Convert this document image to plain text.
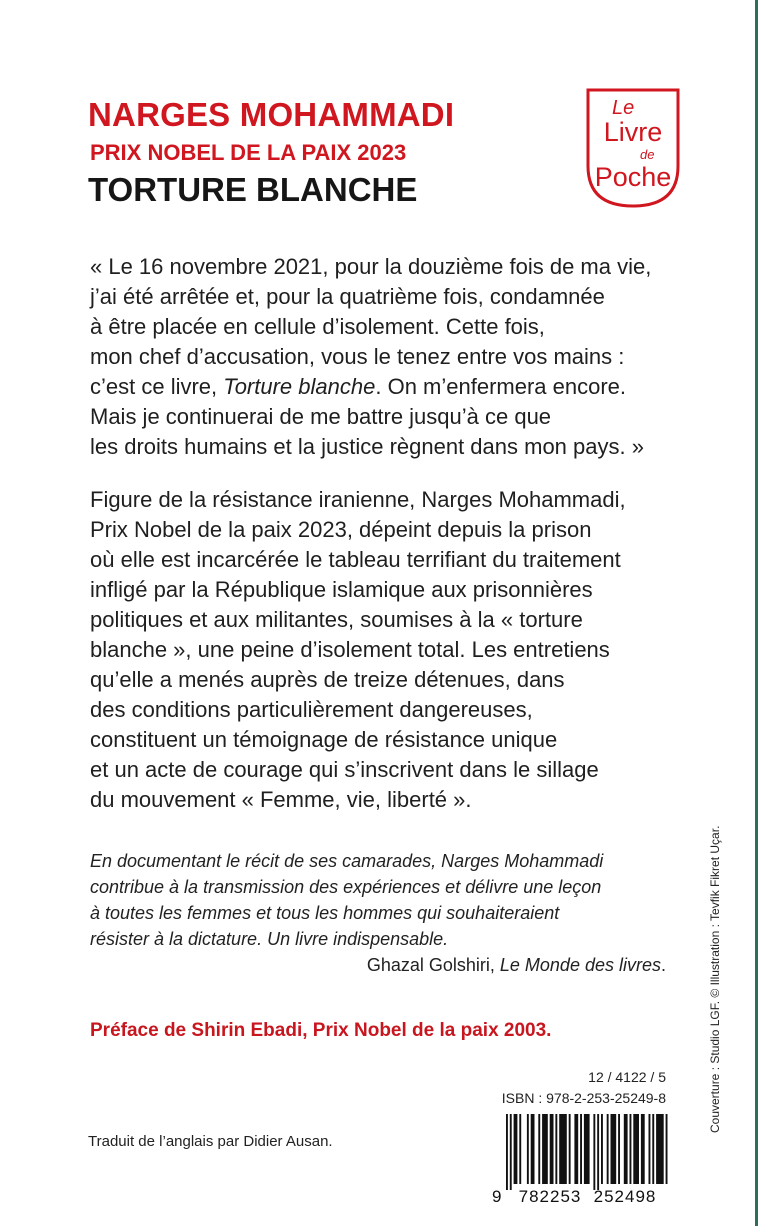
NARGES MOHAMMADI
PRIX NOBEL DE LA PAIX 2023
TORTURE BLANCHE
Le
Livre
de
Poche
« Le 16 novembre 2021, pour la douzième fois de ma vie,
j’ai été arrêtée et, pour la quatrième fois, condamnée
à être placée en cellule d’isolement. Cette fois,
mon chef d’accusation, vous le tenez entre vos mains :
c’est ce livre, Torture blanche. On m’enfermera encore.
Mais je continuerai de me battre jusqu’à ce que
les droits humains et la justice règnent dans mon pays. »
Figure de la résistance iranienne, Narges Mohammadi,
Prix Nobel de la paix 2023, dépeint depuis la prison
où elle est incarcérée le tableau terrifiant du traitement
infligé par la République islamique aux prisonnières
politiques et aux militantes, soumises à la « torture
blanche », une peine d’isolement total. Les entretiens
qu’elle a menés auprès de treize détenues, dans
des conditions particulièrement dangereuses,
constituent un témoignage de résistance unique
et un acte de courage qui s’inscrivent dans le sillage
du mouvement « Femme, vie, liberté ».
En documentant le récit de ses camarades, Narges Mohammadi
contribue à la transmission des expériences et délivre une leçon
à toutes les femmes et tous les hommes qui souhaiteraient
résister à la dictature. Un livre indispensable.
Ghazal Golshiri, Le Monde des livres.
Préface de Shirin Ebadi, Prix Nobel de la paix 2003.
12 / 4122 / 5
ISBN : 978-2-253-25249-8
Traduit de l’anglais par Didier Ausan.
9 782253 252498
Couverture : Studio LGF. © Illustration : Tevfik Fikret Uçar.
